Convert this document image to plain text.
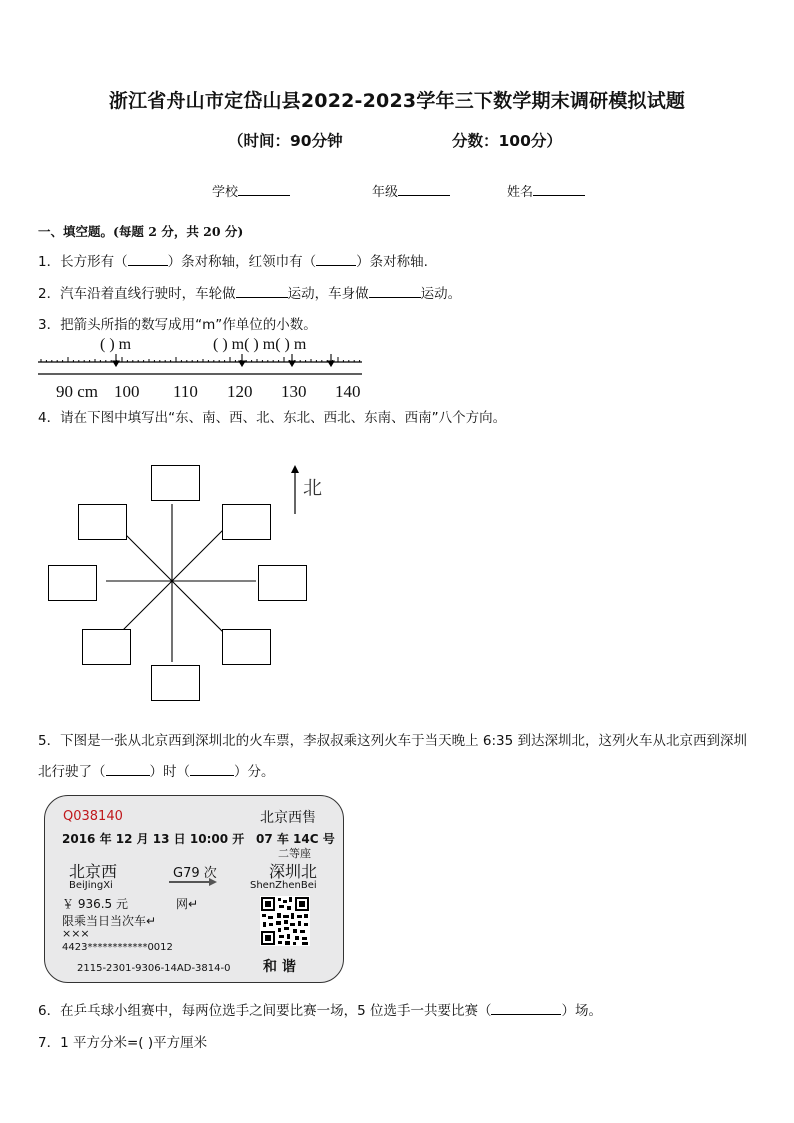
浙江省舟山市定岱山县2022-2023学年三下数学期末调研模拟试题
（时间：90分钟	分数：100分）
学校	年级	姓名
一、填空题。(每题 2 分，共 20 分)
1．长方形有（	）条对称轴，红领巾有（	）条对称轴.
2．汽车沿着直线行驶时，车轮做	运动，车身做	运动。
3．把箭头所指的数写成用“m”作单位的小数。
( ) m	( ) m( ) m( ) m
90 cm 100 110 120 130 140
4．请在下图中填写出“东、南、西、北、东北、西北、东南、西南”八个方向。
北
5．下图是一张从北京西到深圳北的火车票，李叔叔乘这列火车于当天晚上 6:35 到达深圳北，这列火车从北京西到深圳
北行驶了（	）时（	）分。
Q038140	北京西售
2016 年 12 月 13 日 10:00 开 07 车 14C 号
二等座
北京西
BeiJingXi
G79 次	深圳北
ShenZhenBei
￥ 936.5 元	网↵
限乘当日当次车↵
×××
4423************0012
2115-2301-9306-14AD-3814-0 和 谐
6．在乒乓球小组赛中，每两位选手之间要比赛一场，5 位选手一共要比赛（	）场。
7．1 平方分米=( )平方厘米
